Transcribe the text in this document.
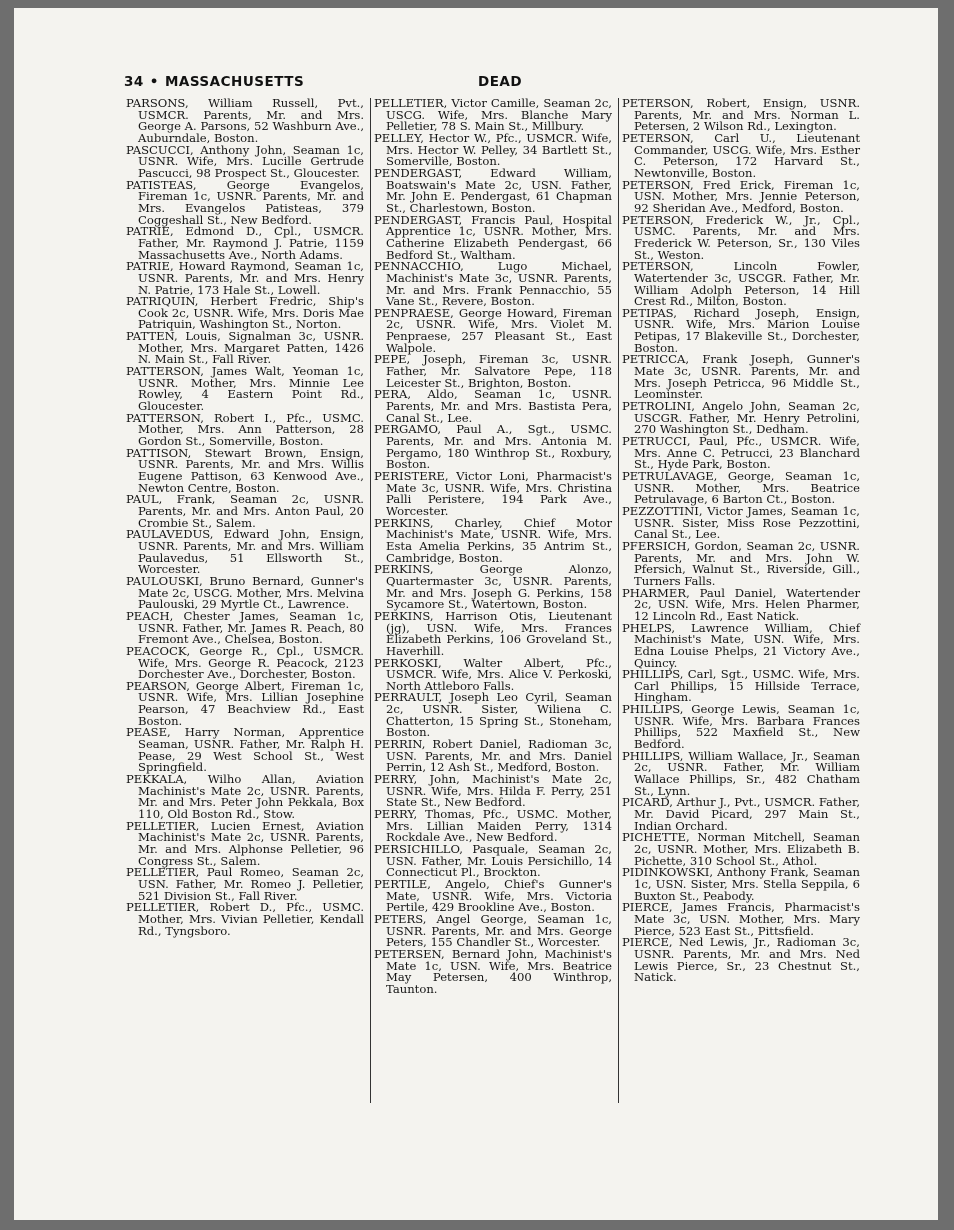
34 • MASSACHUSETTS	DEAD

PARSONS, William Russell, Pvt., USMCR. Parents, Mr. and Mrs. George A. Parsons, 52 Washburn Ave., Auburndale, Boston.

PASCUCCI, Anthony John, Seaman 1c, USNR. Wife, Mrs. Lucille Gertrude Pascucci, 98 Prospect St., Gloucester.

PATISTEAS, George Evangelos, Fireman 1c, USNR. Parents, Mr. and Mrs. Evangelos Patisteas, 379 Coggeshall St., New Bedford.

PATRIE, Edmond D., Cpl., USMCR. Father, Mr. Raymond J. Patrie, 1159 Massachusetts Ave., North Adams.

PATRIE, Howard Raymond, Seaman 1c, USNR. Parents, Mr. and Mrs. Henry N. Patrie, 173 Hale St., Lowell.

PATRIQUIN, Herbert Fredric, Ship's Cook 2c, USNR. Wife, Mrs. Doris Mae Patriquin, Washington St., Norton.

PATTEN, Louis, Signalman 3c, USNR. Mother, Mrs. Margaret Patten, 1426 N. Main St., Fall River.

PATTERSON, James Walt, Yeoman 1c, USNR. Mother, Mrs. Minnie Lee Rowley, 4 Eastern Point Rd., Gloucester.

PATTERSON, Robert I., Pfc., USMC. Mother, Mrs. Ann Patterson, 28 Gordon St., Somerville, Boston.

PATTISON, Stewart Brown, Ensign, USNR. Parents, Mr. and Mrs. Willis Eugene Pattison, 63 Kenwood Ave., Newton Centre, Boston.

PAUL, Frank, Seaman 2c, USNR. Parents, Mr. and Mrs. Anton Paul, 20 Crombie St., Salem.

PAULAVEDUS, Edward John, Ensign, USNR. Parents, Mr. and Mrs. William Paulavedus, 51 Ellsworth St., Worcester.

PAULOUSKI, Bruno Bernard, Gunner's Mate 2c, USCG. Mother, Mrs. Melvina Paulouski, 29 Myrtle Ct., Lawrence.

PEACH, Chester James, Seaman 1c, USNR. Father, Mr. James R. Peach, 80 Fremont Ave., Chelsea, Boston.

PEACOCK, George R., Cpl., USMCR. Wife, Mrs. George R. Peacock, 2123 Dorchester Ave., Dorchester, Boston.

PEARSON, George Albert, Fireman 1c, USNR. Wife, Mrs. Lillian Josephine Pearson, 47 Beachview Rd., East Boston.

PEASE, Harry Norman, Apprentice Seaman, USNR. Father, Mr. Ralph H. Pease, 29 West School St., West Springfield.

PEKKALA, Wilho Allan, Aviation Machinist's Mate 2c, USNR. Parents, Mr. and Mrs. Peter John Pekkala, Box 110, Old Boston Rd., Stow.

PELLETIER, Lucien Ernest, Aviation Machinist's Mate 2c, USNR. Parents, Mr. and Mrs. Alphonse Pelletier, 96 Congress St., Salem.

PELLETIER, Paul Romeo, Seaman 2c, USN. Father, Mr. Romeo J. Pelletier, 521 Division St., Fall River.

PELLETIER, Robert D., Pfc., USMC. Mother, Mrs. Vivian Pelletier, Kendall Rd., Tyngsboro.

PELLETIER, Victor Camille, Seaman 2c, USCG. Wife, Mrs. Blanche Mary Pelletier, 78 S. Main St., Millbury.

PELLEY, Hector W., Pfc., USMCR. Wife, Mrs. Hector W. Pelley, 34 Bartlett St., Somerville, Boston.

PENDERGAST, Edward William, Boatswain's Mate 2c, USN. Father, Mr. John E. Pendergast, 61 Chapman St., Charlestown, Boston.

PENDERGAST, Francis Paul, Hospital Apprentice 1c, USNR. Mother, Mrs. Catherine Elizabeth Pendergast, 66 Bedford St., Waltham.

PENNACCHIO, Lugo Michael, Machinist's Mate 3c, USNR. Parents, Mr. and Mrs. Frank Pennacchio, 55 Vane St., Revere, Boston.

PENPRAESE, George Howard, Fireman 2c, USNR. Wife, Mrs. Violet M. Penpraese, 257 Pleasant St., East Walpole.

PEPE, Joseph, Fireman 3c, USNR. Father, Mr. Salvatore Pepe, 118 Leicester St., Brighton, Boston.

PERA, Aldo, Seaman 1c, USNR. Parents, Mr. and Mrs. Bastista Pera, Canal St., Lee.

PERGAMO, Paul A., Sgt., USMC. Parents, Mr. and Mrs. Antonia M. Pergamo, 180 Winthrop St., Roxbury, Boston.

PERISTERE, Victor Loni, Pharmacist's Mate 3c, USNR. Wife, Mrs. Christina Palli Peristere, 194 Park Ave., Worcester.

PERKINS, Charley, Chief Motor Machinist's Mate, USNR. Wife, Mrs. Esta Amelia Perkins, 35 Antrim St., Cambridge, Boston.

PERKINS, George Alonzo, Quartermaster 3c, USNR. Parents, Mr. and Mrs. Joseph G. Perkins, 158 Sycamore St., Watertown, Boston.

PERKINS, Harrison Otis, Lieutenant (jg), USN. Wife, Mrs. Frances Elizabeth Perkins, 106 Groveland St., Haverhill.

PERKOSKI, Walter Albert, Pfc., USMCR. Wife, Mrs. Alice V. Perkoski, North Attleboro Falls.

PERRAULT, Joseph Leo Cyril, Seaman 2c, USNR. Sister, Wiliena C. Chatterton, 15 Spring St., Stoneham, Boston.

PERRIN, Robert Daniel, Radioman 3c, USN. Parents, Mr. and Mrs. Daniel Perrin, 12 Ash St., Medford, Boston.

PERRY, John, Machinist's Mate 2c, USNR. Wife, Mrs. Hilda F. Perry, 251 State St., New Bedford.

PERRY, Thomas, Pfc., USMC. Mother, Mrs. Lillian Maiden Perry, 1314 Rockdale Ave., New Bedford.

PERSICHILLO, Pasquale, Seaman 2c, USN. Father, Mr. Louis Persichillo, 14 Connecticut Pl., Brockton.

PERTILE, Angelo, Chief's Gunner's Mate, USNR. Wife, Mrs. Victoria Pertile, 429 Brookline Ave., Boston.

PETERS, Angel George, Seaman 1c, USNR. Parents, Mr. and Mrs. George Peters, 155 Chandler St., Worcester.

PETERSEN, Bernard John, Machinist's Mate 1c, USN. Wife, Mrs. Beatrice May Petersen, 400 Winthrop, Taunton.

PETERSON, Robert, Ensign, USNR. Parents, Mr. and Mrs. Norman L. Petersen, 2 Wilson Rd., Lexington.

PETERSON, Carl U., Lieutenant Commander, USCG. Wife, Mrs. Esther C. Peterson, 172 Harvard St., Newtonville, Boston.

PETERSON, Fred Erick, Fireman 1c, USN. Mother, Mrs. Jennie Peterson, 92 Sheridan Ave., Medford, Boston.

PETERSON, Frederick W., Jr., Cpl., USMC. Parents, Mr. and Mrs. Frederick W. Peterson, Sr., 130 Viles St., Weston.

PETERSON, Lincoln Fowler, Watertender 3c, USCGR. Father, Mr. William Adolph Peterson, 14 Hill Crest Rd., Milton, Boston.

PETIPAS, Richard Joseph, Ensign, USNR. Wife, Mrs. Marion Louise Petipas, 17 Blakeville St., Dorchester, Boston.

PETRICCA, Frank Joseph, Gunner's Mate 3c, USNR. Parents, Mr. and Mrs. Joseph Petricca, 96 Middle St., Leominster.

PETROLINI, Angelo John, Seaman 2c, USCGR. Father, Mr. Henry Petrolini, 270 Washington St., Dedham.

PETRUCCI, Paul, Pfc., USMCR. Wife, Mrs. Anne C. Petrucci, 23 Blanchard St., Hyde Park, Boston.

PETRULAVAGE, George, Seaman 1c, USNR. Mother, Mrs. Beatrice Petrulavage, 6 Barton Ct., Boston.

PEZZOTTINI, Victor James, Seaman 1c, USNR. Sister, Miss Rose Pezzottini, Canal St., Lee.

PFERSICH, Gordon, Seaman 2c, USNR. Parents, Mr. and Mrs. John W. Pfersich, Walnut St., Riverside, Gill., Turners Falls.

PHARMER, Paul Daniel, Watertender 2c, USN. Wife, Mrs. Helen Pharmer, 12 Lincoln Rd., East Natick.

PHELPS, Lawrence William, Chief Machinist's Mate, USN. Wife, Mrs. Edna Louise Phelps, 21 Victory Ave., Quincy.

PHILLIPS, Carl, Sgt., USMC. Wife, Mrs. Carl Phillips, 15 Hillside Terrace, Hingham.

PHILLIPS, George Lewis, Seaman 1c, USNR. Wife, Mrs. Barbara Frances Phillips, 522 Maxfield St., New Bedford.

PHILLIPS, William Wallace, Jr., Seaman 2c, USNR. Father, Mr. William Wallace Phillips, Sr., 482 Chatham St., Lynn.

PICARD, Arthur J., Pvt., USMCR. Father, Mr. David Picard, 297 Main St., Indian Orchard.

PICHETTE, Norman Mitchell, Seaman 2c, USNR. Mother, Mrs. Elizabeth B. Pichette, 310 School St., Athol.

PIDINKOWSKI, Anthony Frank, Seaman 1c, USN. Sister, Mrs. Stella Seppila, 6 Buxton St., Peabody.

PIERCE, James Francis, Pharmacist's Mate 3c, USN. Mother, Mrs. Mary Pierce, 523 East St., Pittsfield.

PIERCE, Ned Lewis, Jr., Radioman 3c, USNR. Parents, Mr. and Mrs. Ned Lewis Pierce, Sr., 23 Chestnut St., Natick.
